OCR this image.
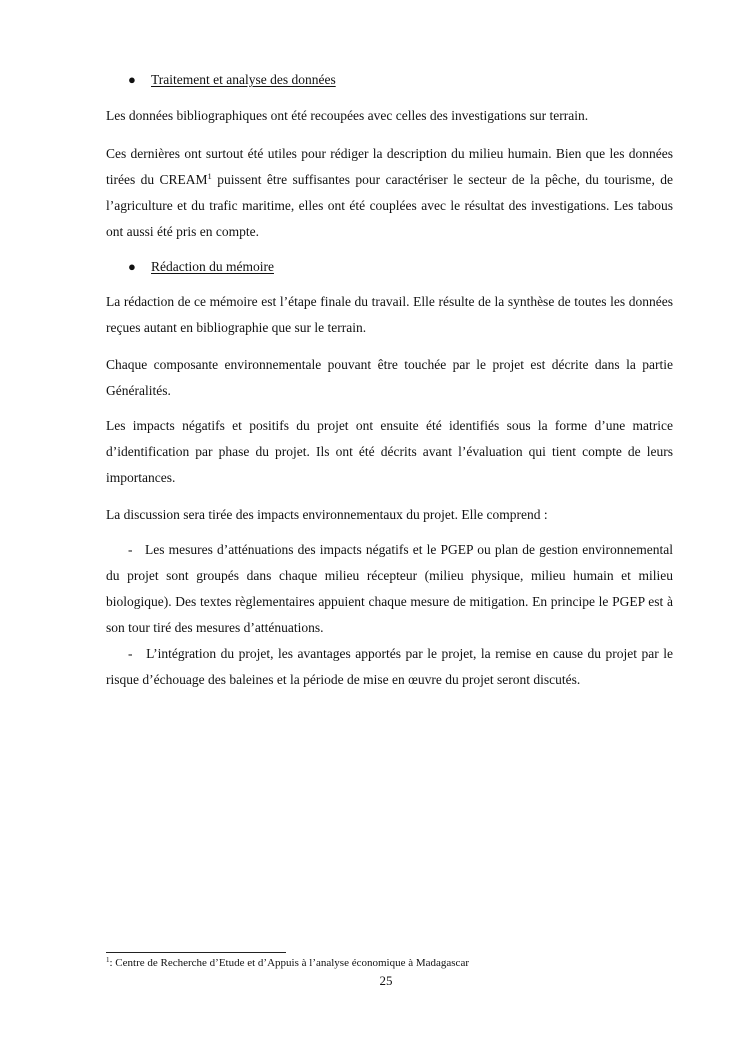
● Traitement et analyse des données

Les données bibliographiques ont été recoupées avec celles des investigations sur terrain.

Ces dernières ont surtout été utiles pour rédiger la description du milieu humain. Bien que les données tirées du CREAM$^1$ puissent être suffisantes pour caractériser le secteur de la pêche, du tourisme, de l’agriculture et du trafic maritime, elles ont été couplées avec le résultat des investigations. Les tabous ont aussi été pris en compte.

● Rédaction du mémoire

La rédaction de ce mémoire est l’étape finale du travail. Elle résulte de la synthèse de toutes les données reçues autant en bibliographie que sur le terrain.

Chaque composante environnementale pouvant être touchée par le projet est décrite dans la partie Généralités.

Les impacts négatifs et positifs du projet ont ensuite été identifiés sous la forme d’une matrice d’identification par phase du projet. Ils ont été décrits avant l’évaluation qui tient compte de leurs importances.

La discussion sera tirée des impacts environnementaux du projet. Elle comprend :

- Les mesures d’atténuations des impacts négatifs et le PGEP ou plan de gestion environnemental du projet sont groupés dans chaque milieu récepteur (milieu physique, milieu humain et milieu biologique). Des textes règlementaires appuient chaque mesure de mitigation. En principe le PGEP est à son tour tiré des mesures d’atténuations.

- L’intégration du projet, les avantages apportés par le projet, la remise en cause du projet par le risque d’échouage des baleines et la période de mise en œuvre du projet seront discutés.

$^1$: Centre de Recherche d’Etude et d’Appuis à l’analyse économique à Madagascar
25
